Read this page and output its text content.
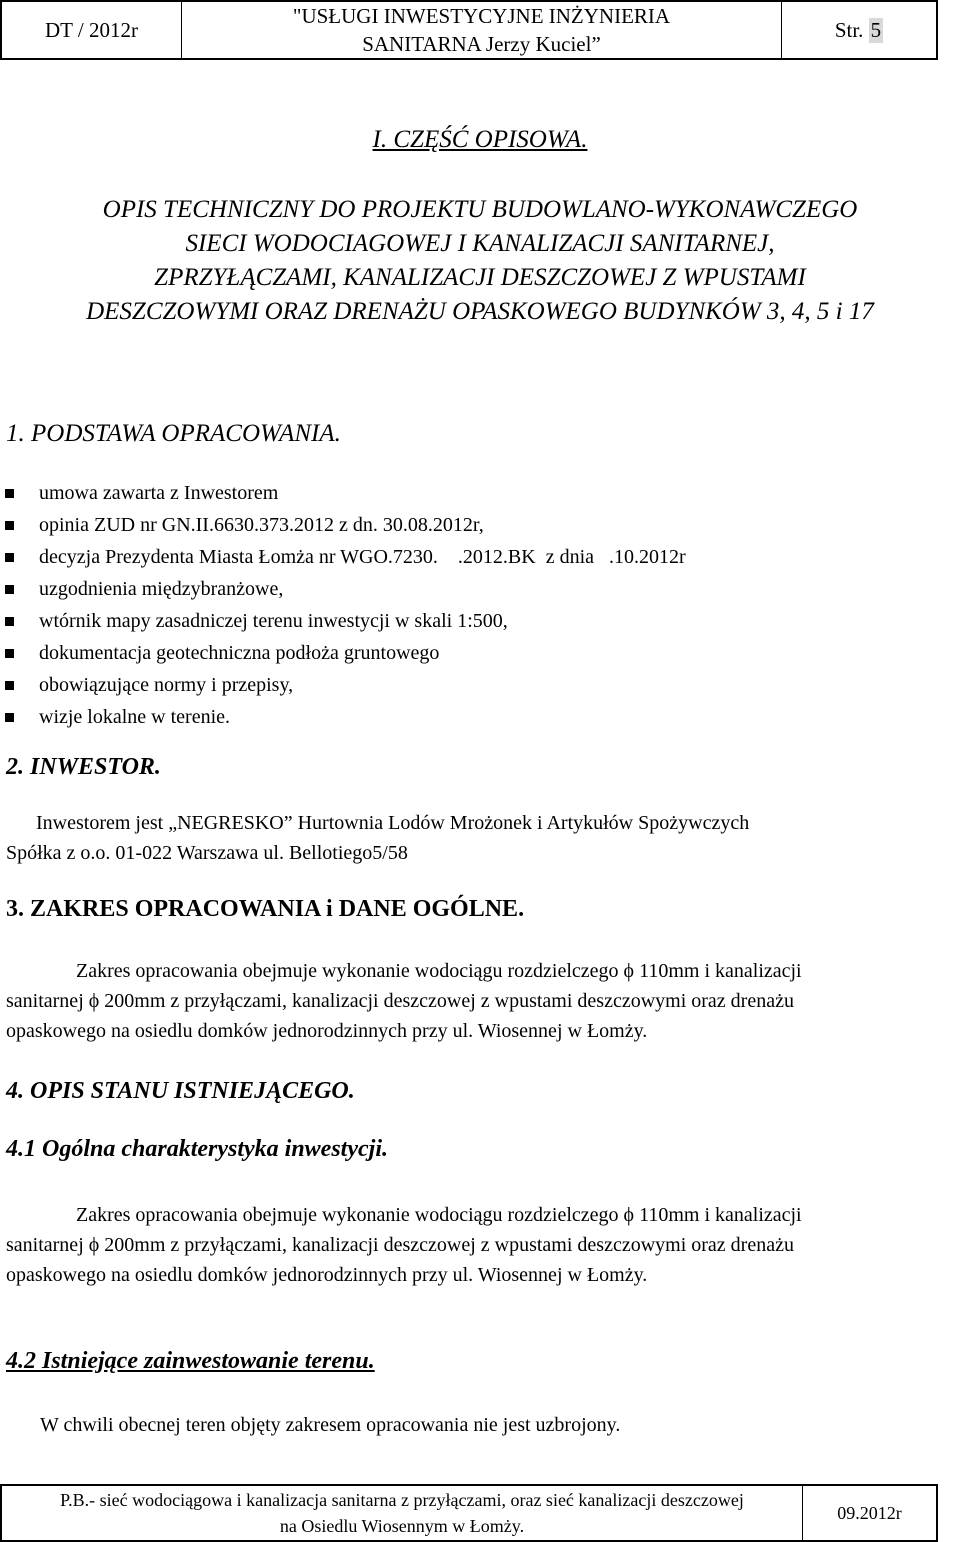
DT / 2012r
"USŁUGI INWESTYCYJNE INŻYNIERIA
SANITARNA Jerzy Kuciel”
Str.
5
I. CZĘŚĆ OPISOWA.
OPIS TECHNICZNY DO PROJEKTU BUDOWLANO-WYKONAWCZEGO
SIECI WODOCIAGOWEJ I KANALIZACJI SANITARNEJ,
ZPRZYŁĄCZAMI, KANALIZACJI DESZCZOWEJ Z WPUSTAMI
DESZCZOWYMI ORAZ DRENAŻU OPASKOWEGO BUDYNKÓW 3, 4, 5 i 17
1. PODSTAWA OPRACOWANIA.
umowa zawarta z Inwestorem
opinia ZUD nr GN.II.6630.373.2012 z dn. 30.08.2012r,
decyzja Prezydenta Miasta Łomża nr WGO.7230.    .2012.BK  z dnia   .10.2012r
uzgodnienia międzybranżowe,
wtórnik mapy zasadniczej terenu inwestycji w skali 1:500,
dokumentacja geotechniczna podłoża gruntowego
obowiązujące normy i przepisy,
wizje lokalne w terenie.
2. INWESTOR.
Inwestorem jest „NEGRESKO” Hurtownia Lodów Mrożonek i Artykułów Spożywczych
Spółka z o.o. 01-022 Warszawa ul. Bellotiego5/58
3. ZAKRES OPRACOWANIA i DANE OGÓLNE.
Zakres opracowania obejmuje wykonanie wodociągu rozdzielczego ϕ 110mm i kanalizacji
sanitarnej ϕ 200mm z przyłączami, kanalizacji deszczowej z wpustami deszczowymi oraz drenażu
opaskowego na osiedlu domków jednorodzinnych przy ul. Wiosennej w Łomży.
4. OPIS STANU ISTNIEJĄCEGO.
4.1 Ogólna charakterystyka inwestycji.
Zakres opracowania obejmuje wykonanie wodociągu rozdzielczego ϕ 110mm i kanalizacji
sanitarnej ϕ 200mm z przyłączami, kanalizacji deszczowej z wpustami deszczowymi oraz drenażu
opaskowego na osiedlu domków jednorodzinnych przy ul. Wiosennej w Łomży.
4.2 Istniejące zainwestowanie terenu.
W chwili obecnej teren objęty zakresem opracowania nie jest uzbrojony.
P.B.- sieć wodociągowa i kanalizacja sanitarna z przyłączami, oraz sieć kanalizacji deszczowej
na Osiedlu Wiosennym w Łomży.
09.2012r
